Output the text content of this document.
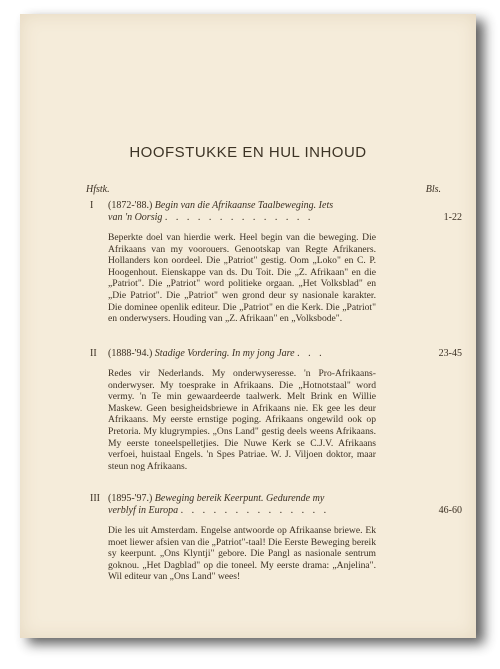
HOOFSTUKKE EN HUL INHOUD
Hfstk.	Bls.
I (1872-'88.) Begin van die Afrikaanse Taalbeweging. Iets
van 'n Oorsig . . . . . . . . . . . . . .	1-22
Beperkte doel van hierdie werk. Heel begin van die beweging. Die Afrikaans van my voorouers. Genootskap van Regte Afrikaners. Hollanders kon oordeel. Die „Patriot" gestig. Oom „Loko" en C. P. Hoogenhout. Eienskappe van ds. Du Toit. Die „Z. Afrikaan" en die „Patriot". Die „Patriot" word politieke orgaan. „Het Volksblad" en „Die Patriot". Die „Patriot" wen grond deur sy nasionale karakter. Die dominee openlik editeur. Die „Patriot" en die Kerk. Die „Patriot" en onderwysers. Houding van „Z. Afrikaan" en „Volksbode".
II (1888-'94.) Stadige Vordering. In my jong Jare . . .	23-45
Redes vir Nederlands. My onderwyseresse. 'n Pro-Afrikaans-onderwyser. My toesprake in Afrikaans. Die „Hotnotstaal" word vermy. 'n Te min gewaardeerde taalwerk. Melt Brink en Willie Maskew. Geen besigheidsbriewe in Afrikaans nie. Ek gee les deur Afrikaans. My eerste ernstige poging. Afrikaans ongewild ook op Pretoria. My klugrympies. „Ons Land" gestig deels weens Afrikaans. My eerste toneelspelletjies. Die Nuwe Kerk se C.J.V. Afrikaans verfoei, huistaal Engels. 'n Spes Patriae. W. J. Viljoen doktor, maar steun nog Afrikaans.
III (1895-'97.) Beweging bereik Keerpunt. Gedurende my
verblyf in Europa . . . . . . . . . . . . . .	46-60
Die les uit Amsterdam. Engelse antwoorde op Afrikaanse briewe. Ek moet liewer afsien van die „Patriot"-taal! Die Eerste Beweging bereik sy keerpunt. „Ons Klyntji" gebore. Die Pangl as nasionale sentrum goknou. „Het Dagblad" op die toneel. My eerste drama: „Anjelina". Wil editeur van „Ons Land" wees!
